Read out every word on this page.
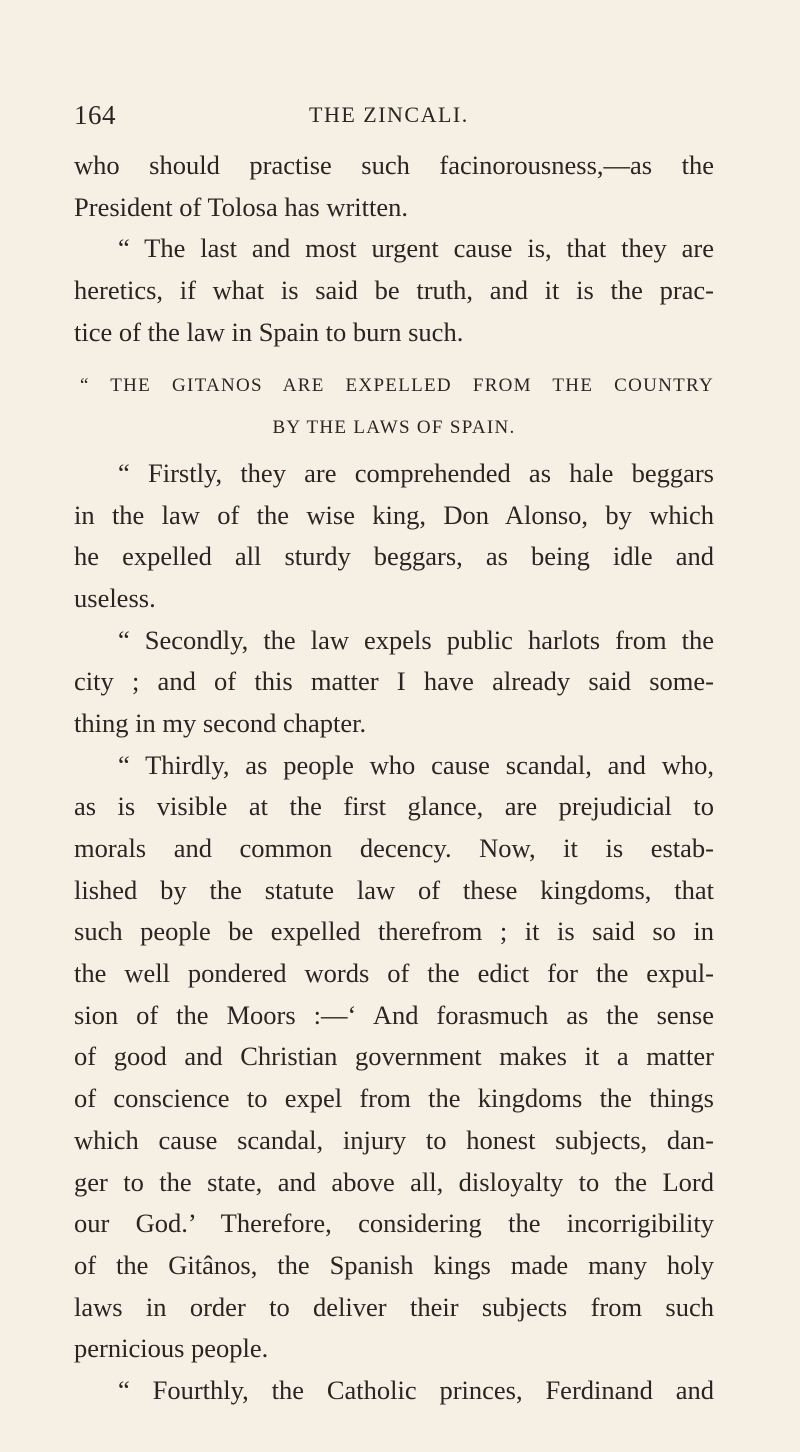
164	THE ZINCALI.
who should practise such facinorousness,—as the
President of Tolosa has written.
“ The last and most urgent cause is, that they are
heretics, if what is said be truth, and it is the prac-
tice of the law in Spain to burn such.
“ THE GITANOS ARE EXPELLED FROM THE COUNTRY
BY THE LAWS OF SPAIN.
“ Firstly, they are comprehended as hale beggars
in the law of the wise king, Don Alonso, by which
he expelled all sturdy beggars, as being idle and
useless.
“ Secondly, the law expels public harlots from the
city ; and of this matter I have already said some-
thing in my second chapter.
“ Thirdly, as people who cause scandal, and who,
as is visible at the first glance, are prejudicial to
morals and common decency. Now, it is estab-
lished by the statute law of these kingdoms, that
such people be expelled therefrom ; it is said so in
the well pondered words of the edict for the expul-
sion of the Moors :—‘ And forasmuch as the sense
of good and Christian government makes it a matter
of conscience to expel from the kingdoms the things
which cause scandal, injury to honest subjects, dan-
ger to the state, and above all, disloyalty to the Lord
our God.’ Therefore, considering the incorrigibility
of the Gitânos, the Spanish kings made many holy
laws in order to deliver their subjects from such
pernicious people.
“ Fourthly, the Catholic princes, Ferdinand and
